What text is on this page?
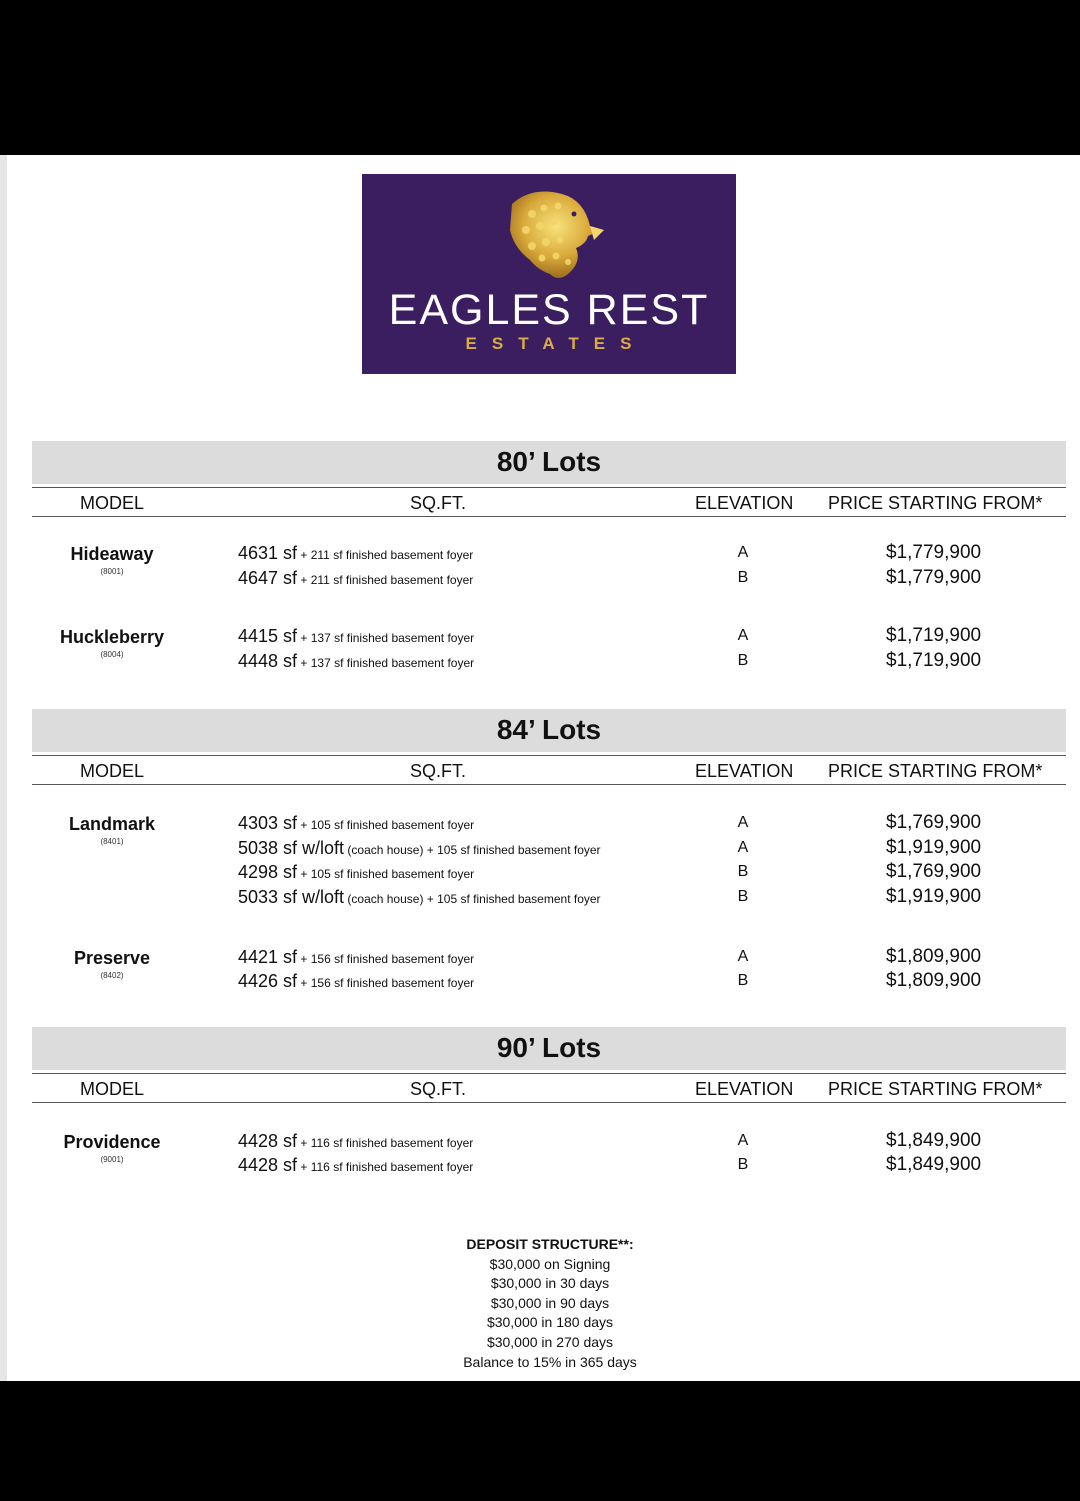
EAGLES REST
ESTATES
80’ Lots
MODEL	SQ.FT.	ELEVATION PRICE STARTING FROM*
Hideaway
(8001)
4631 sf + 211 sf finished basement foyer	A	$1,779,900
4647 sf + 211 sf finished basement foyer	B	$1,779,900
Huckleberry
(8004)
4415 sf + 137 sf finished basement foyer	A	$1,719,900
4448 sf + 137 sf finished basement foyer	B	$1,719,900
84’ Lots
MODEL	SQ.FT.	ELEVATION PRICE STARTING FROM*
Landmark
(8401)
4303 sf + 105 sf finished basement foyer	A	$1,769,900
5038 sf w/loft (coach house) + 105 sf finished basement foyer	A	$1,919,900
4298 sf + 105 sf finished basement foyer	B	$1,769,900
5033 sf w/loft (coach house) + 105 sf finished basement foyer	B	$1,919,900
Preserve
(8402)
4421 sf + 156 sf finished basement foyer	A	$1,809,900
4426 sf + 156 sf finished basement foyer	B	$1,809,900
90’ Lots
MODEL	SQ.FT.	ELEVATION PRICE STARTING FROM*
Providence
(9001)
4428 sf + 116 sf finished basement foyer	A	$1,849,900
4428 sf + 116 sf finished basement foyer	B	$1,849,900
DEPOSIT STRUCTURE**:
$30,000 on Signing
$30,000 in 30 days
$30,000 in 90 days
$30,000 in 180 days
$30,000 in 270 days
Balance to 15% in 365 days
